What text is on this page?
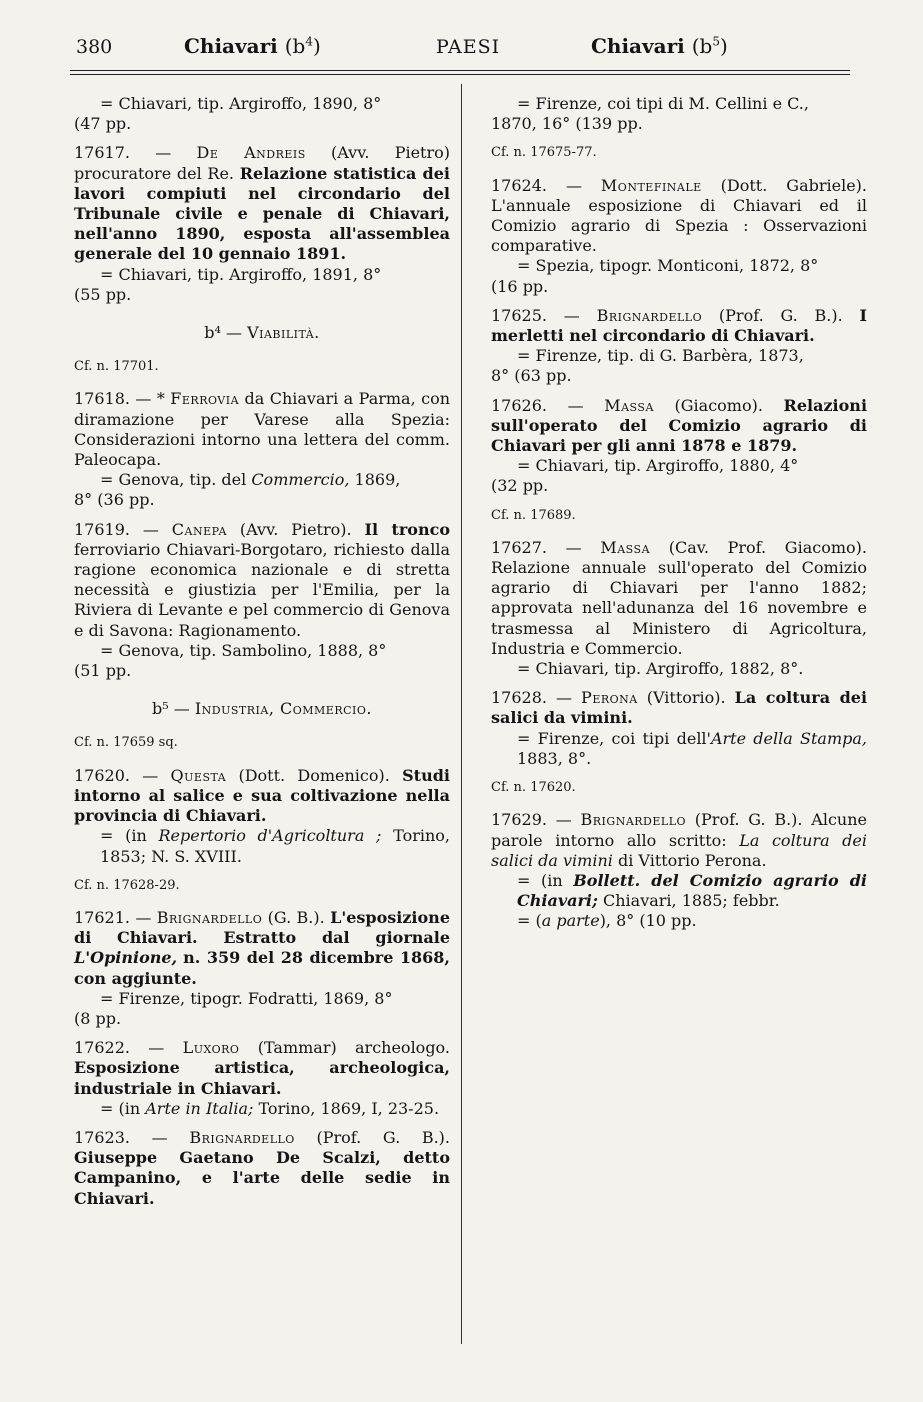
380	Chiavari $(b^4)$	PAESI	Chiavari $(b^5)$

= Chiavari, tip. Argiroffo, 1890, 8°

(47 pp.

17617. — De Andreis (Avv. Pietro) procuratore del Re. Relazione statistica dei lavori compiuti nel circondario del Tribunale civile e penale di Chiavari, nell'anno 1890, esposta all'assemblea generale del 10 gennaio 1891.

= Chiavari, tip. Argiroffo, 1891, 8°

(55 pp.

b⁴ — Viabilità.
Cf. n. 17701.

17618. — * Ferrovia da Chiavari a Parma, con diramazione per Varese alla Spezia: Considerazioni intorno una lettera del comm. Paleocapa.

= Genova, tip. del Commercio, 1869,

8° (36 pp.

17619. — Canepa (Avv. Pietro). Il tronco ferroviario Chiavari-Borgotaro, richiesto dalla ragione economica nazionale e di stretta necessità e giustizia per l'Emilia, per la Riviera di Levante e pel commercio di Genova e di Savona: Ragionamento.

= Genova, tip. Sambolino, 1888, 8°

(51 pp.

b⁵ — Industria, Commercio.
Cf. n. 17659 sq.

17620. — Questa (Dott. Domenico). Studi intorno al salice e sua coltivazione nella provincia di Chiavari.

= (in Repertorio d'Agricoltura ; Torino, 1853; N. S. XVIII.

Cf. n. 17628-29.

17621. — Brignardello (G. B.). L'esposizione di Chiavari. Estratto dal giornale L'Opinione, n. 359 del 28 dicembre 1868, con aggiunte.

= Firenze, tipogr. Fodratti, 1869, 8°

(8 pp.

17622. — Luxoro (Tammar) archeologo. Esposizione artistica, archeologica, industriale in Chiavari.

= (in Arte in Italia; Torino, 1869, I, 23-25.

17623. — Brignardello (Prof. G. B.). Giuseppe Gaetano De Scalzi, detto Campanino, e l'arte delle sedie in Chiavari.

= Firenze, coi tipi di M. Cellini e C.,

1870, 16° (139 pp.

Cf. n. 17675-77.

17624. — Montefinale (Dott. Gabriele). L'annuale esposizione di Chiavari ed il Comizio agrario di Spezia : Osservazioni comparative.

= Spezia, tipogr. Monticoni, 1872, 8°

(16 pp.

17625. — Brignardello (Prof. G. B.). I merletti nel circondario di Chiavari.

= Firenze, tip. di G. Barbèra, 1873,

8° (63 pp.

17626. — Massa (Giacomo). Relazioni sull'operato del Comizio agrario di Chiavari per gli anni 1878 e 1879.

= Chiavari, tip. Argiroffo, 1880, 4°

(32 pp.

Cf. n. 17689.

17627. — Massa (Cav. Prof. Giacomo). Relazione annuale sull'operato del Comizio agrario di Chiavari per l'anno 1882; approvata nell'adunanza del 16 novembre e trasmessa al Ministero di Agricoltura, Industria e Commercio.

= Chiavari, tip. Argiroffo, 1882, 8°.

17628. — Perona (Vittorio). La coltura dei salici da vimini.

= Firenze, coi tipi dell'Arte della Stampa, 1883, 8°.

Cf. n. 17620.

17629. — Brignardello (Prof. G. B.). Alcune parole intorno allo scritto: La coltura dei salici da vimini di Vittorio Perona.

= (in Bollett. del Comizio agrario di Chiavari; Chiavari, 1885; febbr.

= (a parte), 8° (10 pp.
